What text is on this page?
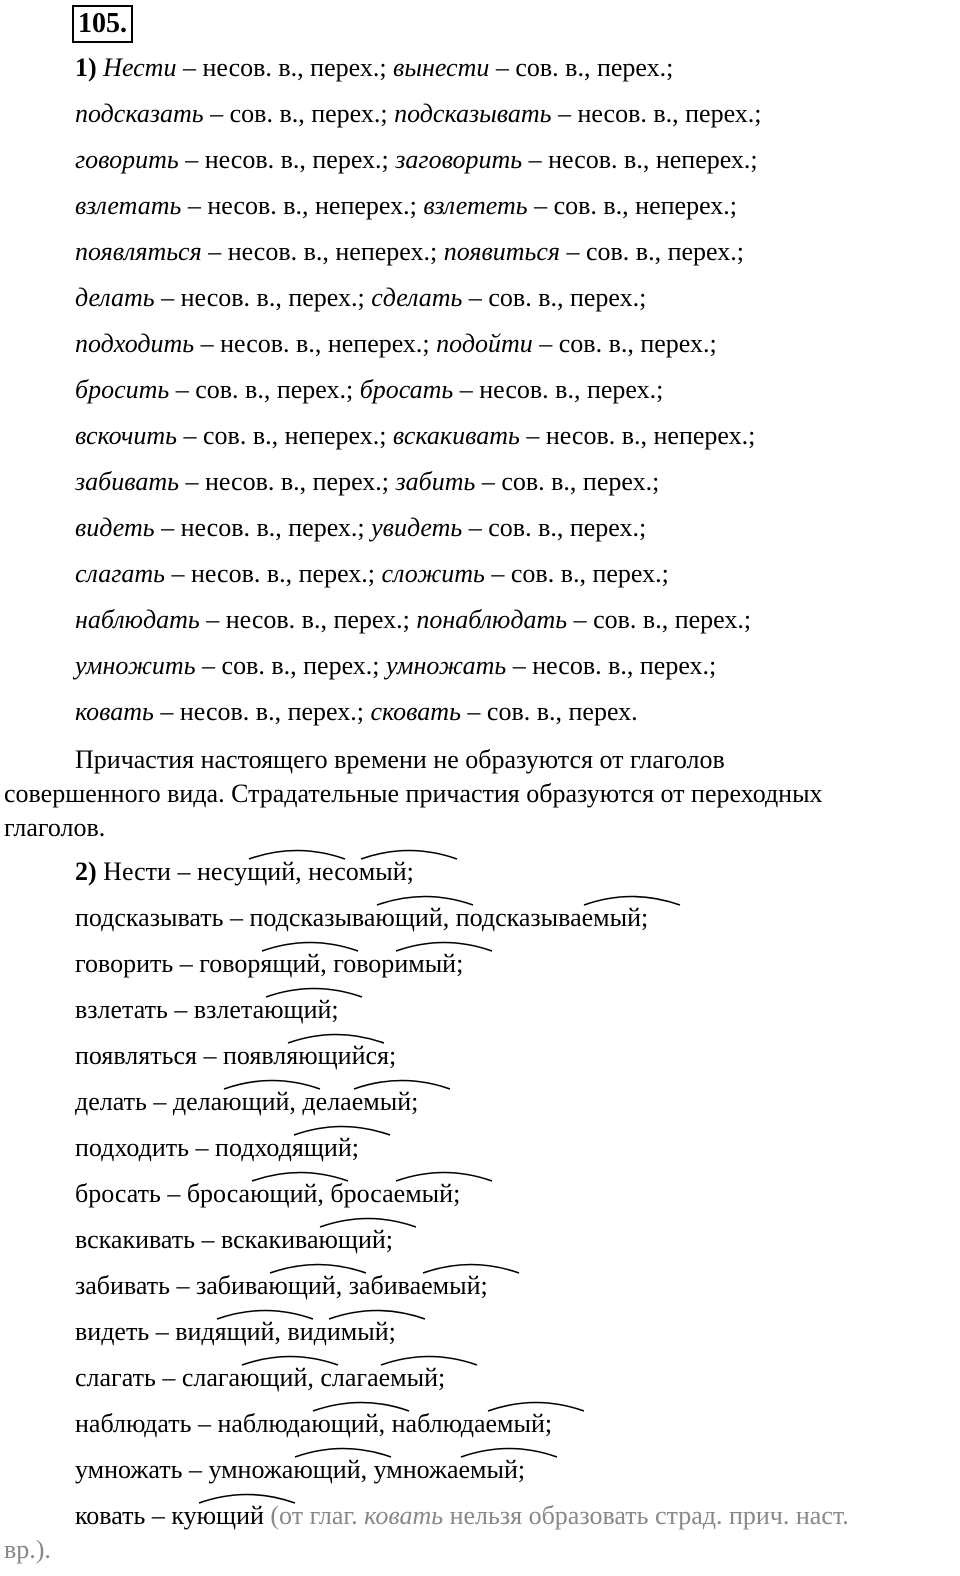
105.
1) Нести – несов. в., перех.; вынести – сов. в., перех.;
подсказать – сов. в., перех.; подсказывать – несов. в., перех.;
говорить – несов. в., перех.; заговорить – несов. в., неперех.;
взлетать – несов. в., неперех.; взлететь – сов. в., неперех.;
появляться – несов. в., неперех.; появиться – сов. в., перех.;
делать – несов. в., перех.; сделать – сов. в., перех.;
подходить – несов. в., неперех.; подойти – сов. в., перех.;
бросить – сов. в., перех.; бросать – несов. в., перех.;
вскочить – сов. в., неперех.; вскакивать – несов. в., неперех.;
забивать – несов. в., перех.; забить – сов. в., перех.;
видеть – несов. в., перех.; увидеть – сов. в., перех.;
слагать – несов. в., перех.; сложить – сов. в., перех.;
наблюдать – несов. в., перех.; понаблюдать – сов. в., перех.;
умножить – сов. в., перех.; умножать – несов. в., перех.;
ковать – несов. в., перех.; сковать – сов. в., перех.
Причастия настоящего времени не образуются от глаголов
совершенного вида. Страдательные причастия образуются от переходных
глаголов.
2) Нести – несущ
ий, несом
ый;
подсказывать – подсказывающ
ий, подсказываем
ый;
говорить – говорящ
ий, говорим
ый;
взлетать – взлетающ
ий;
появляться – появляющ
ийся;
делать – делающ
ий, делаем
ый;
подходить – подходящ
ий;
бросать – бросающ
ий, бросаем
ый;
вскакивать – вскакивающ
ий;
забивать – забивающ
ий, забиваем
ый;
видеть – видящ
ий, видим
ый;
слагать – слагающ
ий, слагаем
ый;
наблюдать – наблюдающ
ий, наблюдаем
ый;
умножать – умножающ
ий, умножаем
ый;
ковать – кующ
ий (от глаг. ковать нельзя образовать страд. прич. наст.
вр.).
